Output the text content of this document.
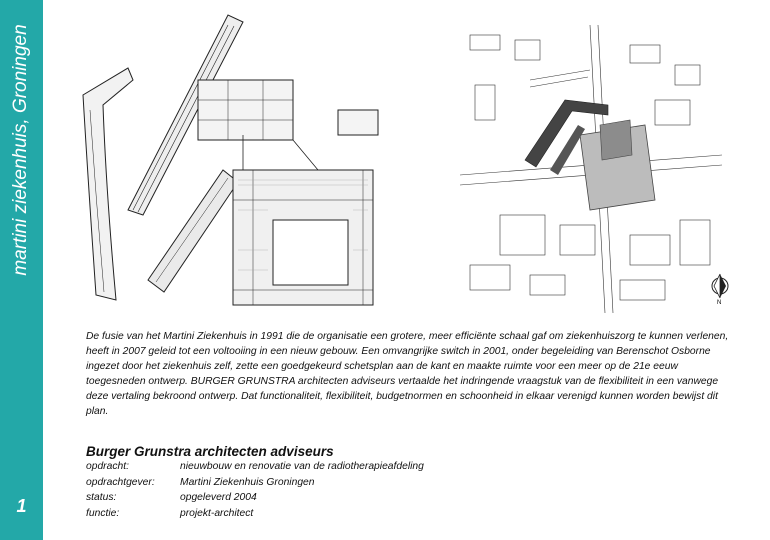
martini ziekenhuis, Groningen
1
N

De fusie van het Martini Ziekenhuis in 1991 die de organisatie een grotere, meer efficiënte schaal gaf om ziekenhuiszorg te kunnen verlenen, heeft in 2007 geleid tot een voltooiing in een nieuw gebouw. Een omvangrijke switch in 2001, onder begeleiding van Berenschot Osborne ingezet door het ziekenhuis zelf, zette een goedgekeurd schetsplan aan de kant en maakte ruimte voor een meer op de 21e eeuw toegesneden ontwerp. BURGER GRUNSTRA architecten adviseurs vertaalde het indringende vraagstuk van de flexibiliteit in een vanwege deze vertaling bekroond ontwerp. Dat functionaliteit, flexibiliteit, budgetnormen en schoonheid in elkaar verenigd kunnen worden bewijst dit plan.

Burger Grunstra architecten adviseurs
opdracht:	nieuwbouw en renovatie van de radiotherapieafdeling
opdrachtgever:	Martini Ziekenhuis Groningen
status:	opgeleverd 2004
functie:	projekt-architect
